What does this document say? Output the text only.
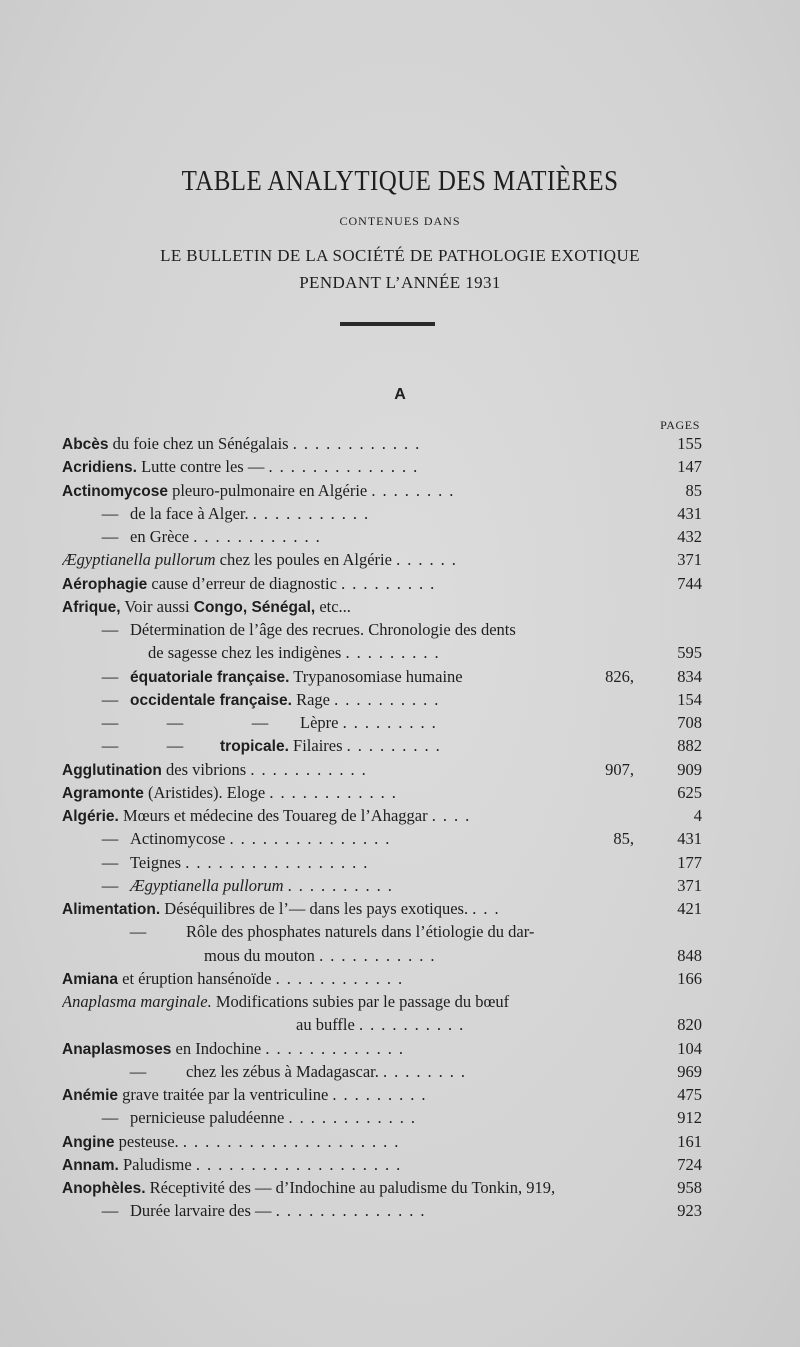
TABLE ANALYTIQUE DES MATIÈRES
CONTENUES DANS
LE BULLETIN DE LA SOCIÉTÉ DE PATHOLOGIE EXOTIQUE
PENDANT L’ANNÉE 1931
A
PAGES
Abcès du foie chez un Sénégalais ............	155
Acridiens. Lutte contre les — ..............	147
Actinomycose pleuro-pulmonaire en Algérie ........	85
— de la face à Alger. ...........	431
— en Grèce ............	432
Ægyptianella pullorum chez les poules en Algérie ......	371
Aérophagie cause d’erreur de diagnostic .........	744
Afrique, Voir aussi Congo, Sénégal, etc...
— Détermination de l’âge des recrues. Chronologie des dents
de sagesse chez les indigènes .........	595
— équatoriale française. Trypanosomiase humaine	826,	834
— occidentale française. Rage ..........	154
—	—	— Lèpre .........	708
—	— tropicale. Filaires .........	882
Agglutination des vibrions ...........	907,	909
Agramonte (Aristides). Eloge ............	625
Algérie. Mœurs et médecine des Touareg de l’Ahaggar ....	4
— Actinomycose ...............	85,	431
— Teignes .................	177
— Ægyptianella pullorum ..........	371
Alimentation. Déséquilibres de l’— dans les pays exotiques. ...	421
— Rôle des phosphates naturels dans l’étiologie du dar-
mous du mouton ...........	848
Amiana et éruption hansénoïde ............	166
Anaplasma marginale. Modifications subies par le passage du bœuf
au buffle ..........	820
Anaplasmoses en Indochine .............	104
— chez les zébus à Madagascar. ........	969
Anémie grave traitée par la ventriculine .........	475
— pernicieuse paludéenne ............	912
Angine pesteuse. ....................	161
Annam. Paludisme ...................	724
Anophèles. Réceptivité des — d’Indochine au paludisme du Tonkin, 919,	958
— Durée larvaire des — ..............	923
